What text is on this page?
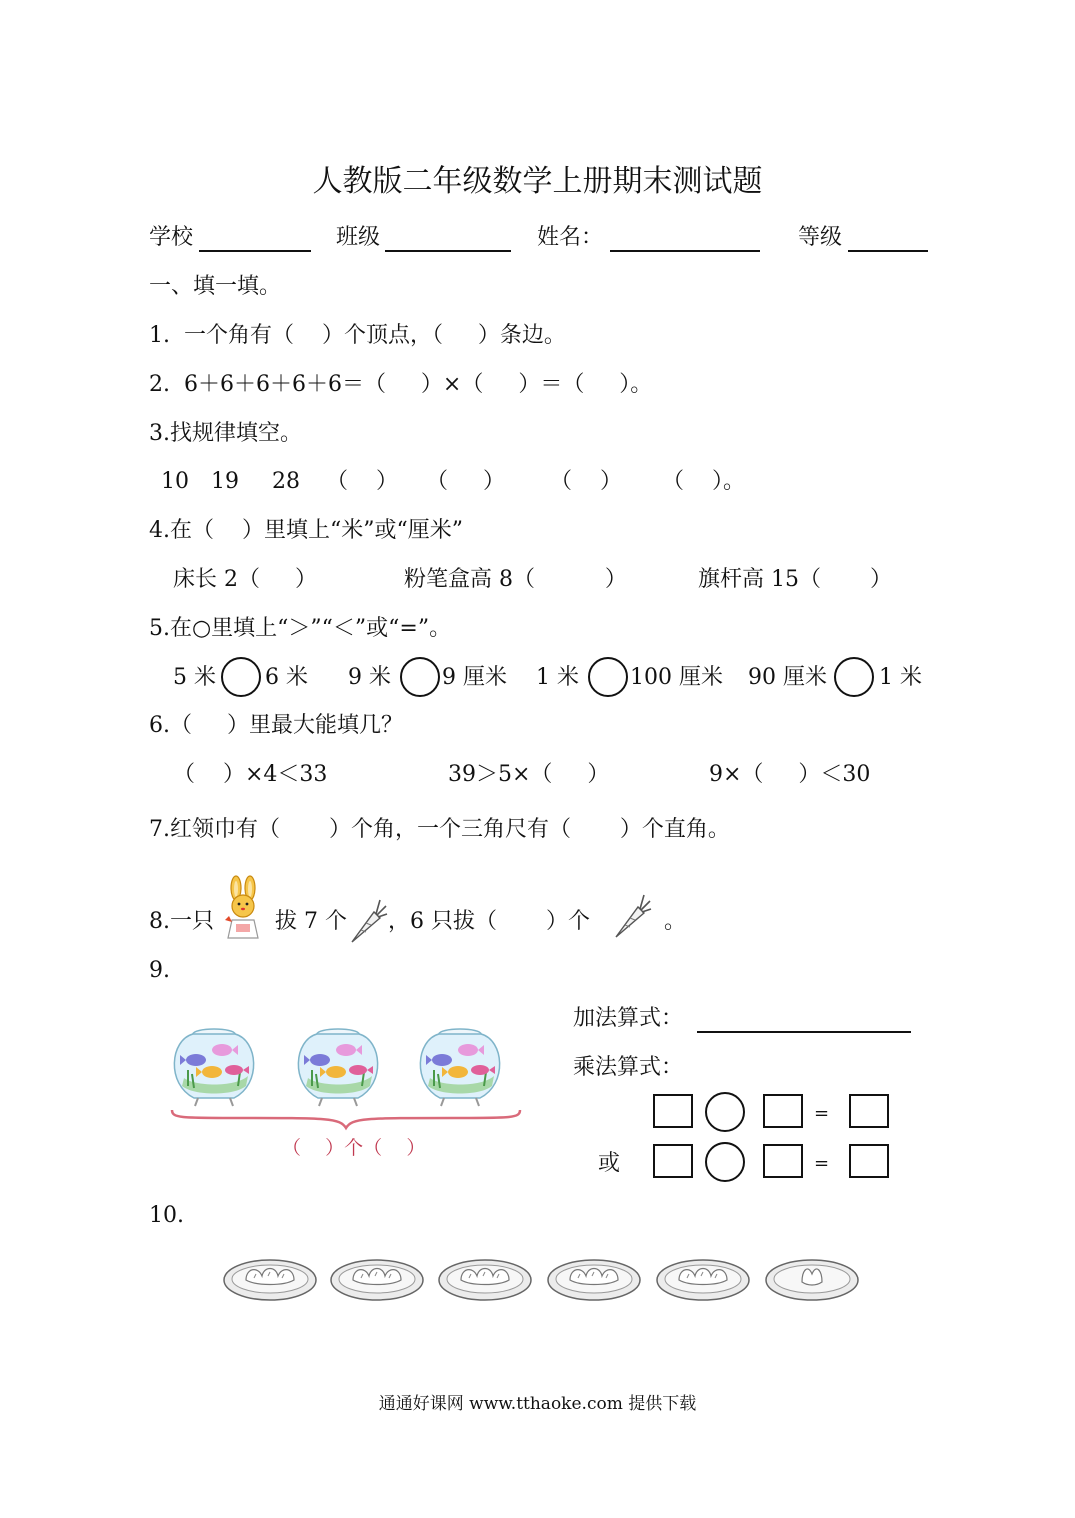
人教版二年级数学上册期末测试题
学校	班级	姓名：	等级
一、填一填。
1.  一个角有（    ）个顶点，（     ）条边。
2.  6＋6＋6＋6＋6＝（     ）×（     ）＝（     ）。
3.找规律填空。
10 19 28 （    ） （     ） （    ） （    ）。
4.在（    ）里填上“米”或“厘米”
床长 2（     ）	粉笔盒高 8（          ）	旗杆高 15（       ）
5.在○里填上“＞”“＜”或“=”。
5 米 6 米 9 米 9 厘米 1 米 100 厘米 90 厘米 1 米
6.（     ）里最大能填几？
（    ）×4＜33	39＞5×（     ）	9×（     ）＜30
7.红领巾有（       ）个角，一个三角尺有（       ）个直角。
8.一只	拔 7 个 ，6 只拔（       ）个	。
9.
（    ）个（    ）
加法算式：
乘法算式：
=
或	=
10.
通通好课网 www.tthaoke.com 提供下载
